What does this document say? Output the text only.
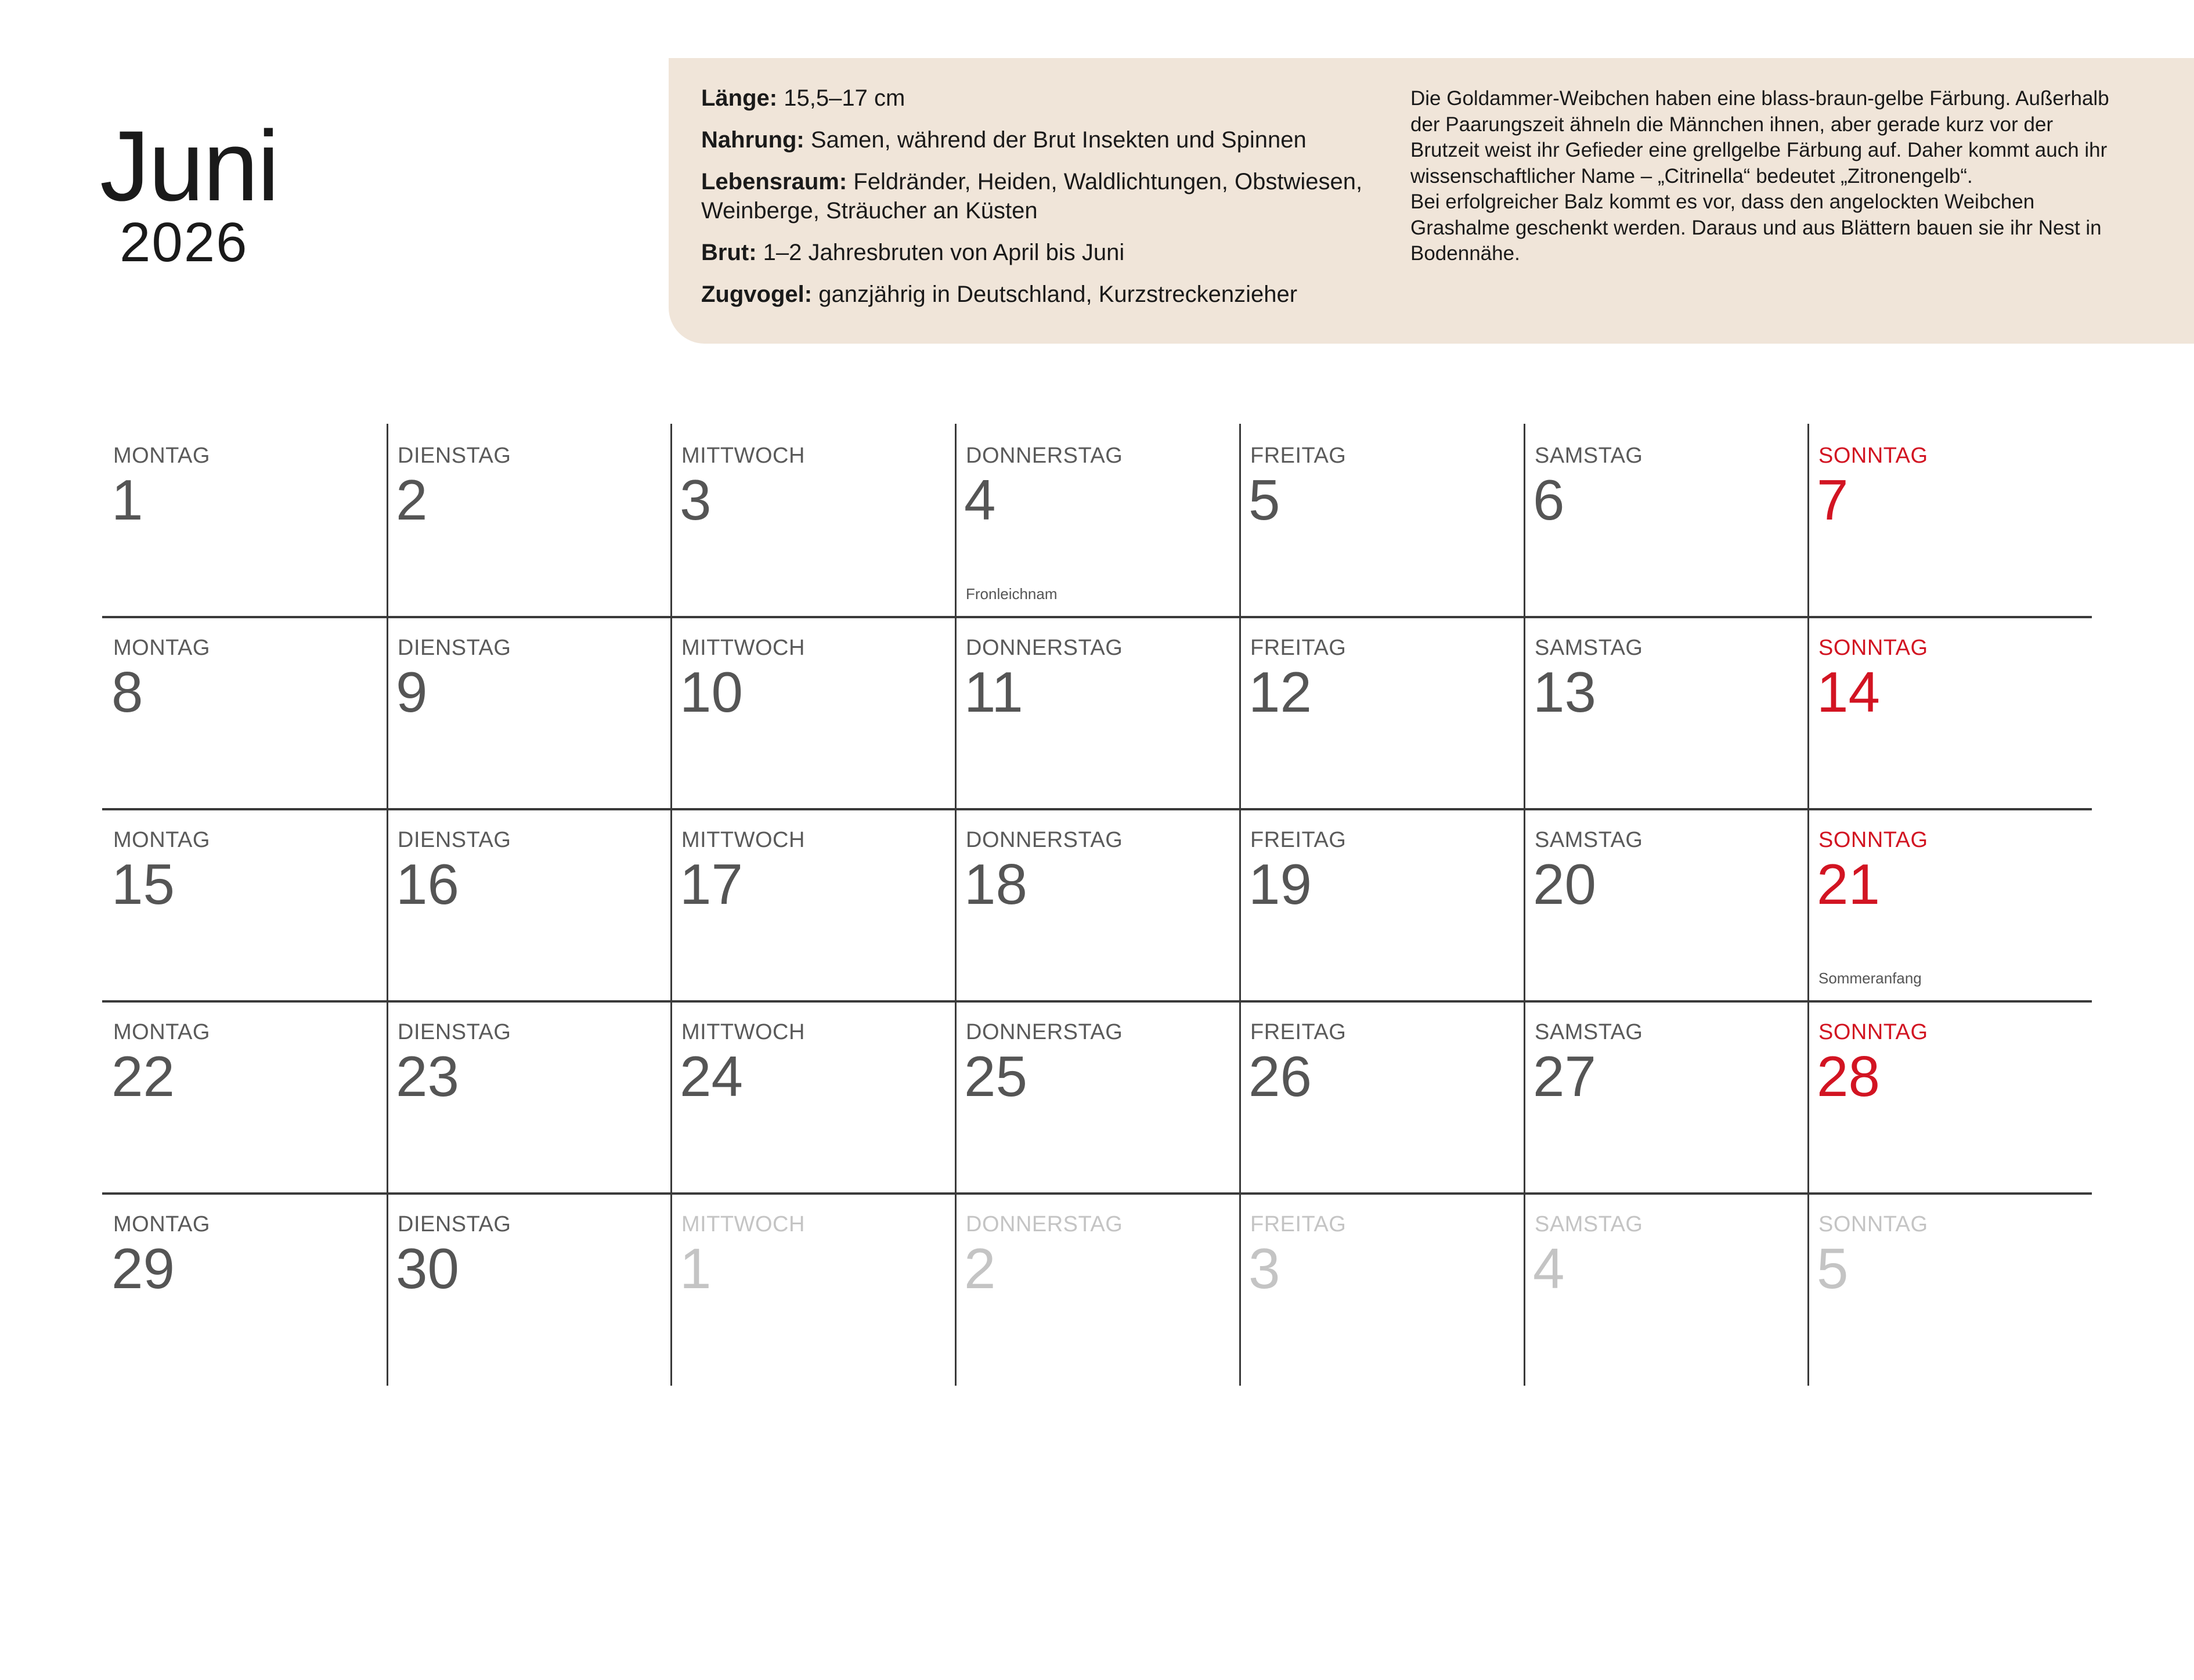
Juni
2026

Länge: 15,5–17 cm

Nahrung: Samen, während der Brut Insekten und Spinnen

Lebensraum: Feldränder, Heiden, Waldlichtungen, Obstwiesen, Weinberge, Sträucher an Küsten

Brut: 1–2 Jahresbruten von April bis Juni

Zugvogel: ganzjährig in Deutschland, Kurzstreckenzieher

Die Goldammer-Weibchen haben eine blass-braun-gelbe Färbung. Außerhalb der Paarungszeit ähneln die Männchen ihnen, aber gerade kurz vor der Brutzeit weist ihr Gefieder eine grellgelbe Färbung auf. Daher kommt auch ihr wissenschaftlicher Name – „Citrinella“ bedeutet „Zitronengelb“.

Bei erfolgreicher Balz kommt es vor, dass den angelockten Weibchen Grashalme geschenkt werden. Daraus und aus Blättern bauen sie ihr Nest in Bodennähe.

MONTAG
1
DIENSTAG
2
MITTWOCH
3
DONNERSTAG
4
Fronleichnam
FREITAG
5
SAMSTAG
6
SONNTAG
7
MONTAG
8
DIENSTAG
9
MITTWOCH
10
DONNERSTAG
11
FREITAG
12
SAMSTAG
13
SONNTAG
14
MONTAG
15
DIENSTAG
16
MITTWOCH
17
DONNERSTAG
18
FREITAG
19
SAMSTAG
20
SONNTAG
21
Sommeranfang
MONTAG
22
DIENSTAG
23
MITTWOCH
24
DONNERSTAG
25
FREITAG
26
SAMSTAG
27
SONNTAG
28
MONTAG
29
DIENSTAG
30
MITTWOCH
1
DONNERSTAG
2
FREITAG
3
SAMSTAG
4
SONNTAG
5
